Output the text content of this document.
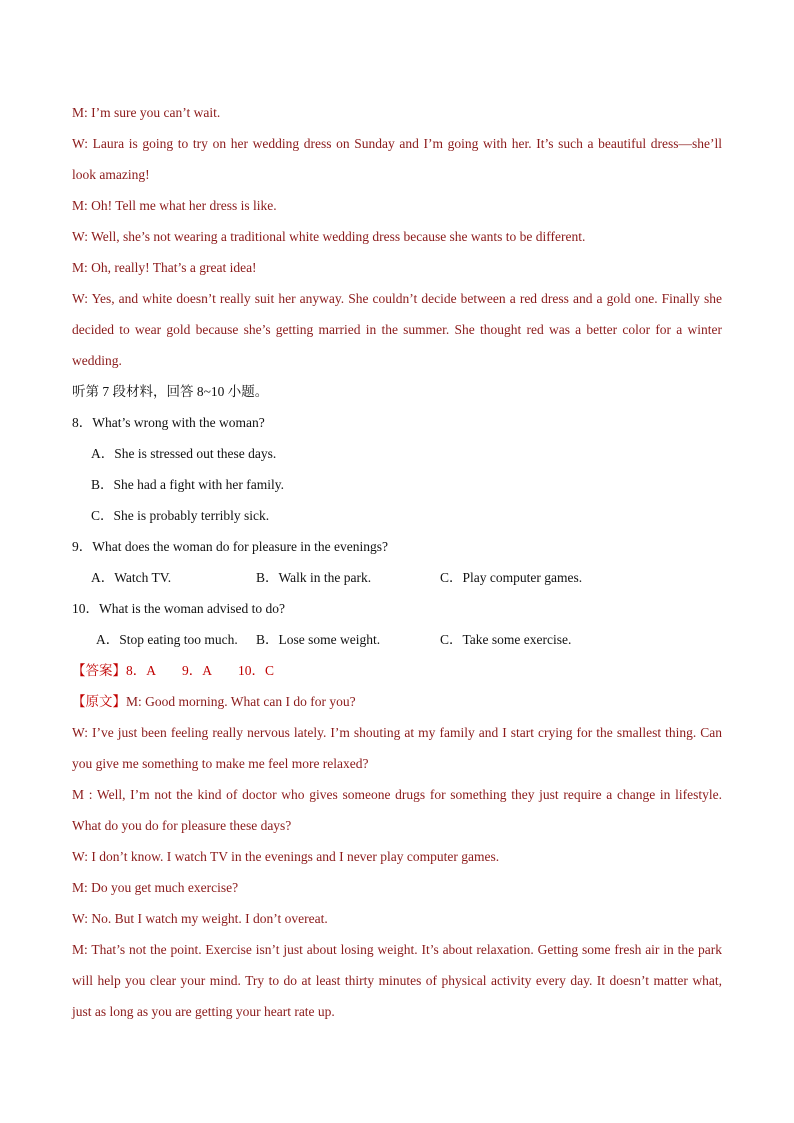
M: I’m sure you can’t wait.

W: Laura is going to try on her wedding dress on Sunday and I’m going with her. It’s such a beautiful dress—she’ll look amazing!

M: Oh! Tell me what her dress is like.

W: Well, she’s not wearing a traditional white wedding dress because she wants to be different.

M: Oh, really! That’s a great idea!

W: Yes, and white doesn’t really suit her anyway. She couldn’t decide between a red dress and a gold one. Finally she decided to wear gold because she’s getting married in the summer. She thought red was a better color for a winter wedding.

听第 7 段材料，回答 8~10 小题。

8．What’s wrong with the woman?

A．She is stressed out these days.

B．She had a fight with her family.

C．She is probably terribly sick.

9．What does the woman do for pleasure in the evenings?

A．Watch TV.	B．Walk in the park.	C．Play computer games.

10．What is the woman advised to do?

A．Stop eating too much.	B．Lose some weight.	C．Take some exercise.

【答案】8．A 9．A 10．C

【原文】M: Good morning. What can I do for you?

W: I’ve just been feeling really nervous lately. I’m shouting at my family and I start crying for the smallest thing. Can you give me something to make me feel more relaxed?

M : Well, I’m not the kind of doctor who gives someone drugs for something they just require a change in lifestyle. What do you do for pleasure these days?

W: I don’t know. I watch TV in the evenings and I never play computer games.

M: Do you get much exercise?

W: No. But I watch my weight. I don’t overeat.

M: That’s not the point. Exercise isn’t just about losing weight. It’s about relaxation. Getting some fresh air in the park will help you clear your mind. Try to do at least thirty minutes of physical activity every day. It doesn’t matter what, just as long as you are getting your heart rate up.
